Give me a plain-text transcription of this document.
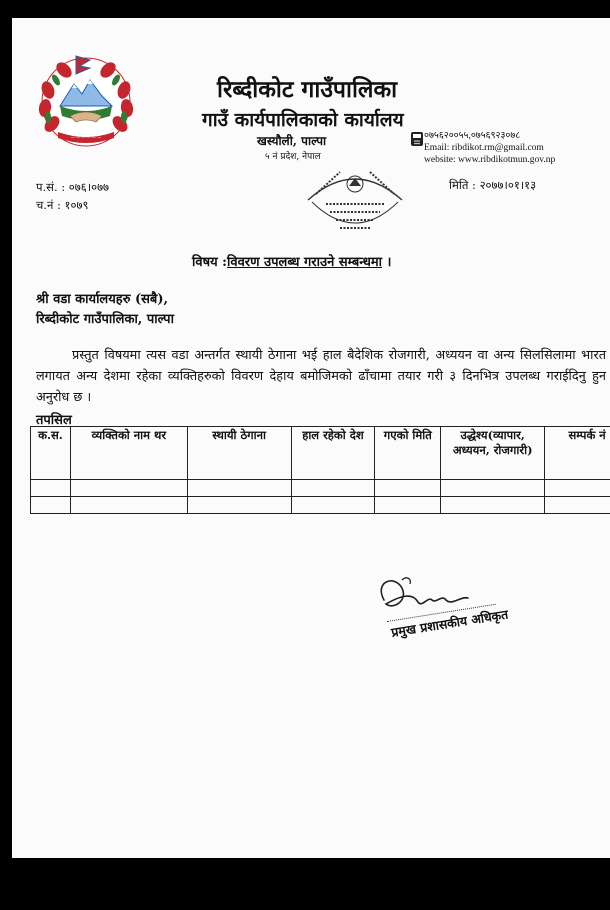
— — — — — —
रिब्दीकोट गाउँपालिका
गाउँ कार्यपालिकाको कार्यालय
खस्यौली, पाल्पा
५ नं प्रदेश, नेपाल
०७५६२००५५,०७५६९२३०७८
Email: ribdikot.rm@gmail.com
website: www.ribdikotmun.gov.np
प.सं. : ०७६।०७७
च.नं : १०७९
मिति : २०७७।०१।१३
विषय :विवरण उपलब्ध गराउने सम्बन्धमा ।
श्री वडा कार्यालयहरु (सबै),
रिब्दीकोट गाउँपालिका, पाल्पा
प्रस्तुत विषयमा त्यस वडा अन्तर्गत स्थायी ठेगाना भई हाल बैदेशिक रोजगारी, अध्ययन वा अन्य सिलसिलामा भारत लगायत अन्य देशमा रहेका व्यक्तिहरुको विवरण देहाय बमोजिमको ढाँचामा तयार गरी ३ दिनभित्र उपलब्ध गराईदिनु हुन अनुरोध छ ।
तपसिल
क.स.	व्यक्तिको नाम थर	स्थायी ठेगाना	हाल रहेको देश	गएको मिति	उद्धेश्य(व्यापार, अध्ययन, रोजगारी)	सम्पर्क नं

प्रमुख प्रशासकीय अधिकृत
